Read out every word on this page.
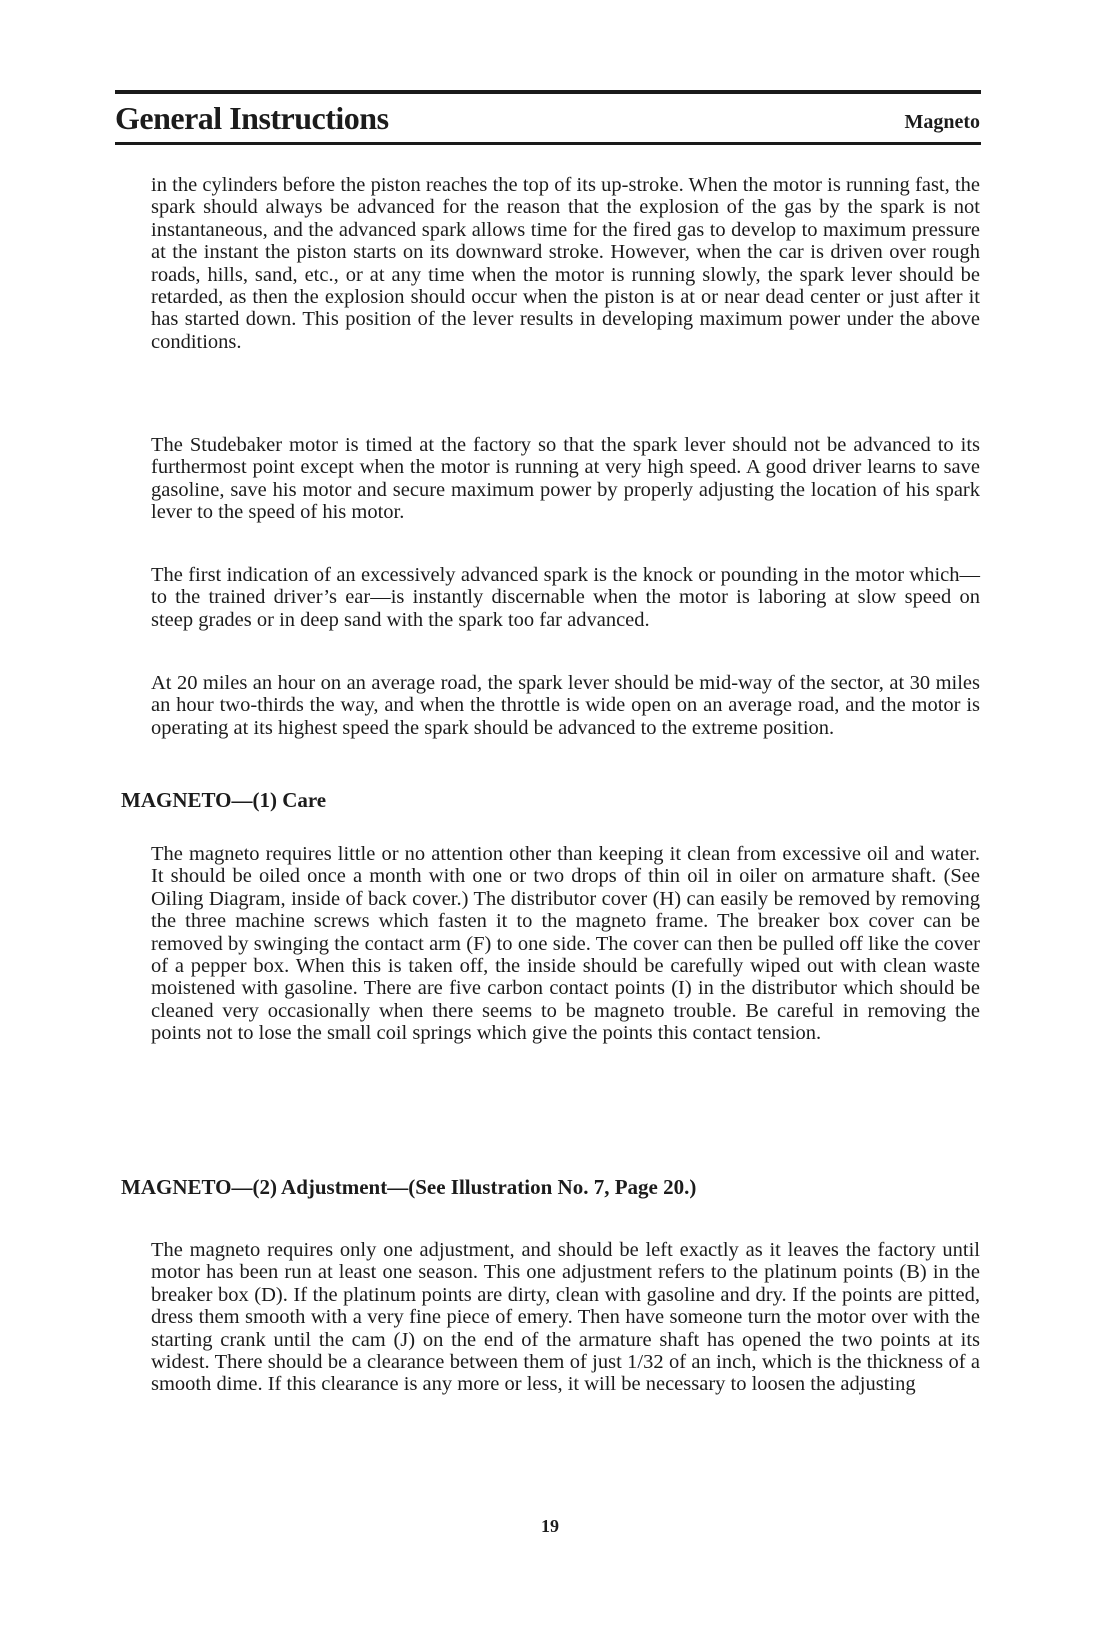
General Instructions	Magneto

in the cylinders before the piston reaches the top of its up-stroke. When the motor is running fast, the spark should always be advanced for the reason that the explosion of the gas by the spark is not instantaneous, and the advanced spark allows time for the fired gas to develop to maximum pressure at the instant the piston starts on its downward stroke. However, when the car is driven over rough roads, hills, sand, etc., or at any time when the motor is running slowly, the spark lever should be retarded, as then the explosion should occur when the piston is at or near dead center or just after it has started down. This position of the lever results in developing maximum power under the above conditions.

The Studebaker motor is timed at the factory so that the spark lever should not be advanced to its furthermost point except when the motor is running at very high speed. A good driver learns to save gasoline, save his motor and secure maximum power by properly adjusting the location of his spark lever to the speed of his motor.

The first indication of an excessively advanced spark is the knock or pounding in the motor which—to the trained driver’s ear—is instantly discernable when the motor is laboring at slow speed on steep grades or in deep sand with the spark too far advanced.

At 20 miles an hour on an average road, the spark lever should be mid-way of the sector, at 30 miles an hour two-thirds the way, and when the throttle is wide open on an average road, and the motor is operating at its highest speed the spark should be advanced to the extreme position.

MAGNETO—(1) Care

The magneto requires little or no attention other than keeping it clean from excessive oil and water. It should be oiled once a month with one or two drops of thin oil in oiler on armature shaft. (See Oiling Diagram, inside of back cover.) The distributor cover (H) can easily be removed by removing the three machine screws which fasten it to the magneto frame. The breaker box cover can be removed by swinging the contact arm (F) to one side. The cover can then be pulled off like the cover of a pepper box. When this is taken off, the inside should be carefully wiped out with clean waste moistened with gasoline. There are five carbon contact points (I) in the distributor which should be cleaned very occasionally when there seems to be magneto trouble. Be careful in removing the points not to lose the small coil springs which give the points this contact tension.

MAGNETO—(2) Adjustment—(See Illustration No. 7, Page 20.)

The magneto requires only one adjustment, and should be left exactly as it leaves the factory until motor has been run at least one season. This one adjustment refers to the platinum points (B) in the breaker box (D). If the platinum points are dirty, clean with gasoline and dry. If the points are pitted, dress them smooth with a very fine piece of emery. Then have someone turn the motor over with the starting crank until the cam (J) on the end of the armature shaft has opened the two points at its widest. There should be a clearance between them of just 1/32 of an inch, which is the thickness of a smooth dime. If this clearance is any more or less, it will be necessary to loosen the adjusting

19
